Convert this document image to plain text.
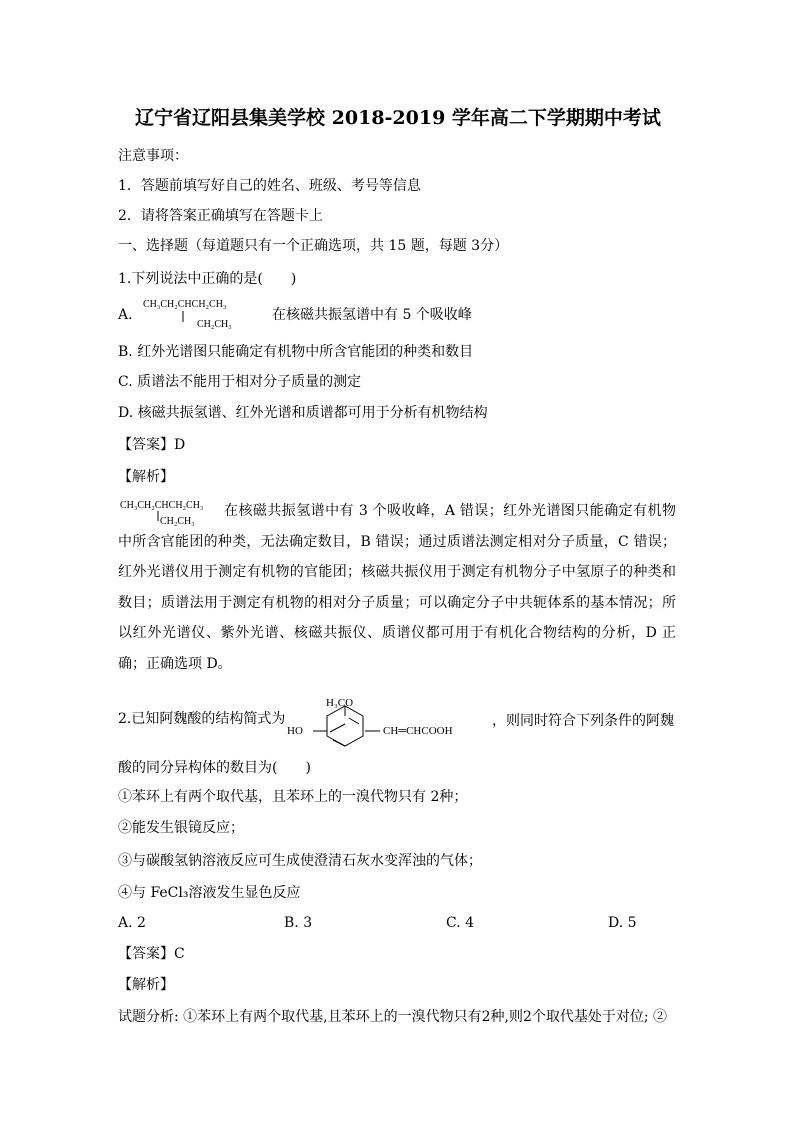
辽宁省辽阳县集美学校 2018-2019 学年高二下学期期中考试
注意事项：
1．答题前填写好自己的姓名、班级、考号等信息
2．请将答案正确填写在答题卡上
一、选择题（每道题只有一个正确选项，共 15 题，每题 3分）
1.下列说法中正确的是(　　)
A.
CH₃CH₂CHCH₂CH₃
CH₂CH₃
在核磁共振氢谱中有 5 个吸收峰
B. 红外光谱图只能确定有机物中所含官能团的种类和数目
C. 质谱法不能用于相对分子质量的测定
D. 核磁共振氢谱、红外光谱和质谱都可用于分析有机物结构
【答案】D
【解析】
CH₃CH₂CHCH₂CH₃
CH₂CH₃
在核磁共振氢谱中有 3 个吸收峰，A 错误；红外光谱图只能确定有机物中所含官能团的种类，无法确定数目，B 错误；通过质谱法测定相对分子质量，C 错误；红外光谱仪用于测定有机物的官能团；核磁共振仪用于测定有机物分子中氢原子的种类和数目；质谱法用于测定有机物的相对分子质量；可以确定分子中共轭体系的基本情况；所以红外光谱仪、紫外光谱、核磁共振仪、质谱仪都可用于有机化合物结构的分析，D 正确；正确选项 D。
2.已知阿魏酸的结构简式为
H₃CO
HO	CH═CHCOOH
，则同时符合下列条件的阿魏
酸的同分异构体的数目为(　　)
①苯环上有两个取代基，且苯环上的一溴代物只有 2种；
②能发生银镜反应；
③与碳酸氢钠溶液反应可生成使澄清石灰水变浑浊的气体；
④与 FeCl₃溶液发生显色反应
A. 2	B. 3	C. 4	D. 5
【答案】C
【解析】
试题分析: ①苯环上有两个取代基,且苯环上的一溴代物只有2种,则2个取代基处于对位; ②
